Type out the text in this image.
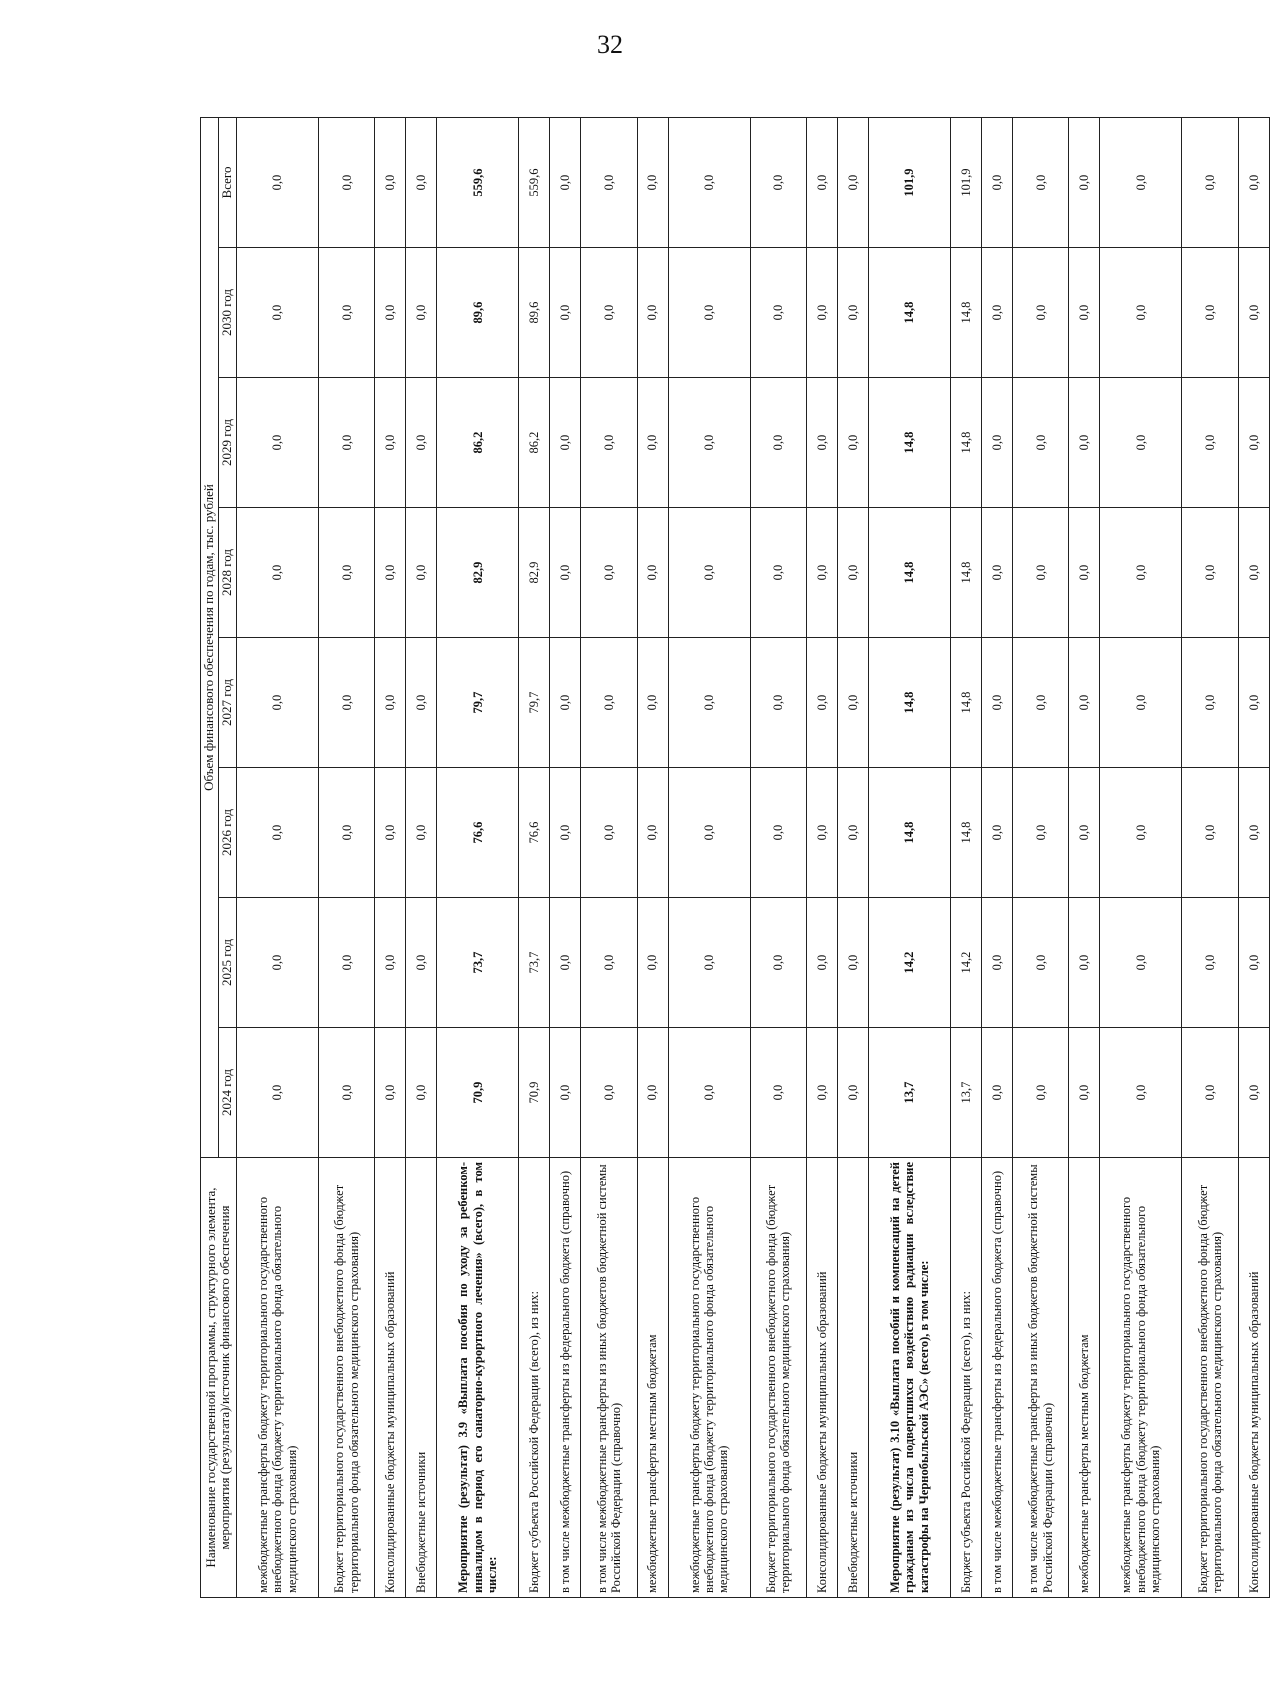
32
Наименование государственной программы, структурного элемента, мероприятия (результата)/источник финансового обеспечения	Объем финансового обеспечения по годам, тыс. рублей							
	2024 год	2025 год	2026 год	2027 год	2028 год	2029 год	2030 год	Всего
межбюджетные трансферты бюджету территориального государственного внебюджетного фонда (бюджету территориального фонда обязательного медицинского страхования)	0,0	0,0	0,0	0,0	0,0	0,0	0,0	0,0
Бюджет территориального государственного внебюджетного фонда (бюджет территориального фонда обязательного медицинского страхования)	0,0	0,0	0,0	0,0	0,0	0,0	0,0	0,0
Консолидированные бюджеты муниципальных образований	0,0	0,0	0,0	0,0	0,0	0,0	0,0	0,0
Внебюджетные источники	0,0	0,0	0,0	0,0	0,0	0,0	0,0	0,0
Мероприятие (результат) 3.9 «Выплата пособия по уходу за ребенком-инвалидом в период его санаторно-курортного лечения» (всего), в том числе:	70,9	73,7	76,6	79,7	82,9	86,2	89,6	559,6
Бюджет субъекта Российской Федерации (всего), из них:	70,9	73,7	76,6	79,7	82,9	86,2	89,6	559,6
в том числе межбюджетные трансферты из федерального бюджета (справочно)	0,0	0,0	0,0	0,0	0,0	0,0	0,0	0,0
в том числе межбюджетные трансферты из иных бюджетов бюджетной системы Российской Федерации (справочно)	0,0	0,0	0,0	0,0	0,0	0,0	0,0	0,0
межбюджетные трансферты местным бюджетам	0,0	0,0	0,0	0,0	0,0	0,0	0,0	0,0
межбюджетные трансферты бюджету территориального государственного внебюджетного фонда (бюджету территориального фонда обязательного медицинского страхования)	0,0	0,0	0,0	0,0	0,0	0,0	0,0	0,0
Бюджет территориального государственного внебюджетного фонда (бюджет территориального фонда обязательного медицинского страхования)	0,0	0,0	0,0	0,0	0,0	0,0	0,0	0,0
Консолидированные бюджеты муниципальных образований	0,0	0,0	0,0	0,0	0,0	0,0	0,0	0,0
Внебюджетные источники	0,0	0,0	0,0	0,0	0,0	0,0	0,0	0,0
Мероприятие (результат) 3.10 «Выплата пособий и компенсаций на детей гражданам из числа подвергшихся воздействию радиации вследствие катастрофы на Чернобыльской АЭС» (всего), в том числе:	13,7	14,2	14,8	14,8	14,8	14,8	14,8	101,9
Бюджет субъекта Российской Федерации (всего), из них:	13,7	14,2	14,8	14,8	14,8	14,8	14,8	101,9
в том числе межбюджетные трансферты из федерального бюджета (справочно)	0,0	0,0	0,0	0,0	0,0	0,0	0,0	0,0
в том числе межбюджетные трансферты из иных бюджетов бюджетной системы Российской Федерации (справочно)	0,0	0,0	0,0	0,0	0,0	0,0	0,0	0,0
межбюджетные трансферты местным бюджетам	0,0	0,0	0,0	0,0	0,0	0,0	0,0	0,0
межбюджетные трансферты бюджету территориального государственного внебюджетного фонда (бюджету территориального фонда обязательного медицинского страхования)	0,0	0,0	0,0	0,0	0,0	0,0	0,0	0,0
Бюджет территориального государственного внебюджетного фонда (бюджет территориального фонда обязательного медицинского страхования)	0,0	0,0	0,0	0,0	0,0	0,0	0,0	0,0
Консолидированные бюджеты муниципальных образований	0,0	0,0	0,0	0,0	0,0	0,0	0,0	0,0
